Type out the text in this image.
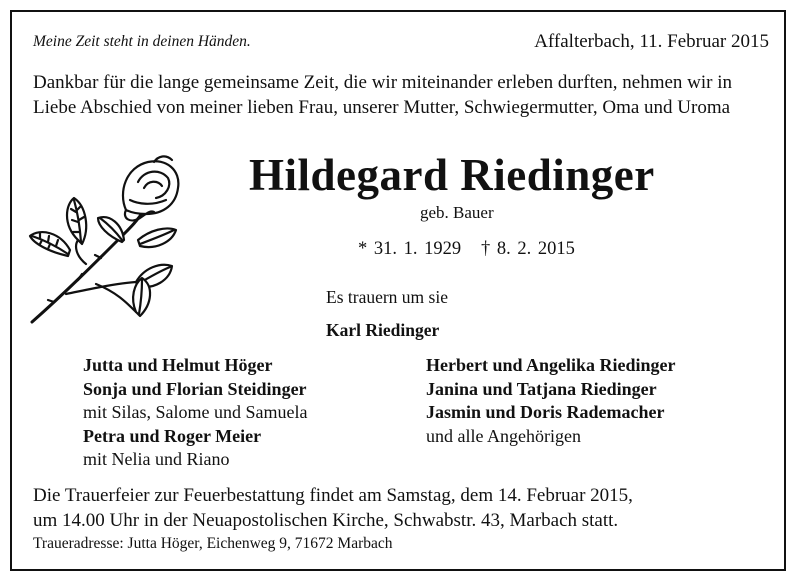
Meine Zeit steht in deinen Händen.	Affalterbach, 11. Februar 2015
Dankbar für die lange gemeinsame Zeit, die wir miteinander erleben durften, nehmen wir in Liebe Abschied von meiner lieben Frau, unserer Mutter, Schwiegermutter, Oma und Uroma
Hildegard Riedinger
geb. Bauer
* 31. 1. 1929   † 8. 2. 2015
Es trauern um sie
Karl Riedinger
Jutta und Helmut Höger
Sonja und Florian Steidinger
mit Silas, Salome und Samuela
Petra und Roger Meier
mit Nelia und Riano
Herbert und Angelika Riedinger
Janina und Tatjana Riedinger
Jasmin und Doris Rademacher
und alle Angehörigen
Die Trauerfeier zur Feuerbestattung findet am Samstag, dem 14. Februar 2015,
um 14.00 Uhr in der Neuapostolischen Kirche, Schwabstr. 43, Marbach statt.
Traueradresse: Jutta Höger, Eichenweg 9, 71672 Marbach
